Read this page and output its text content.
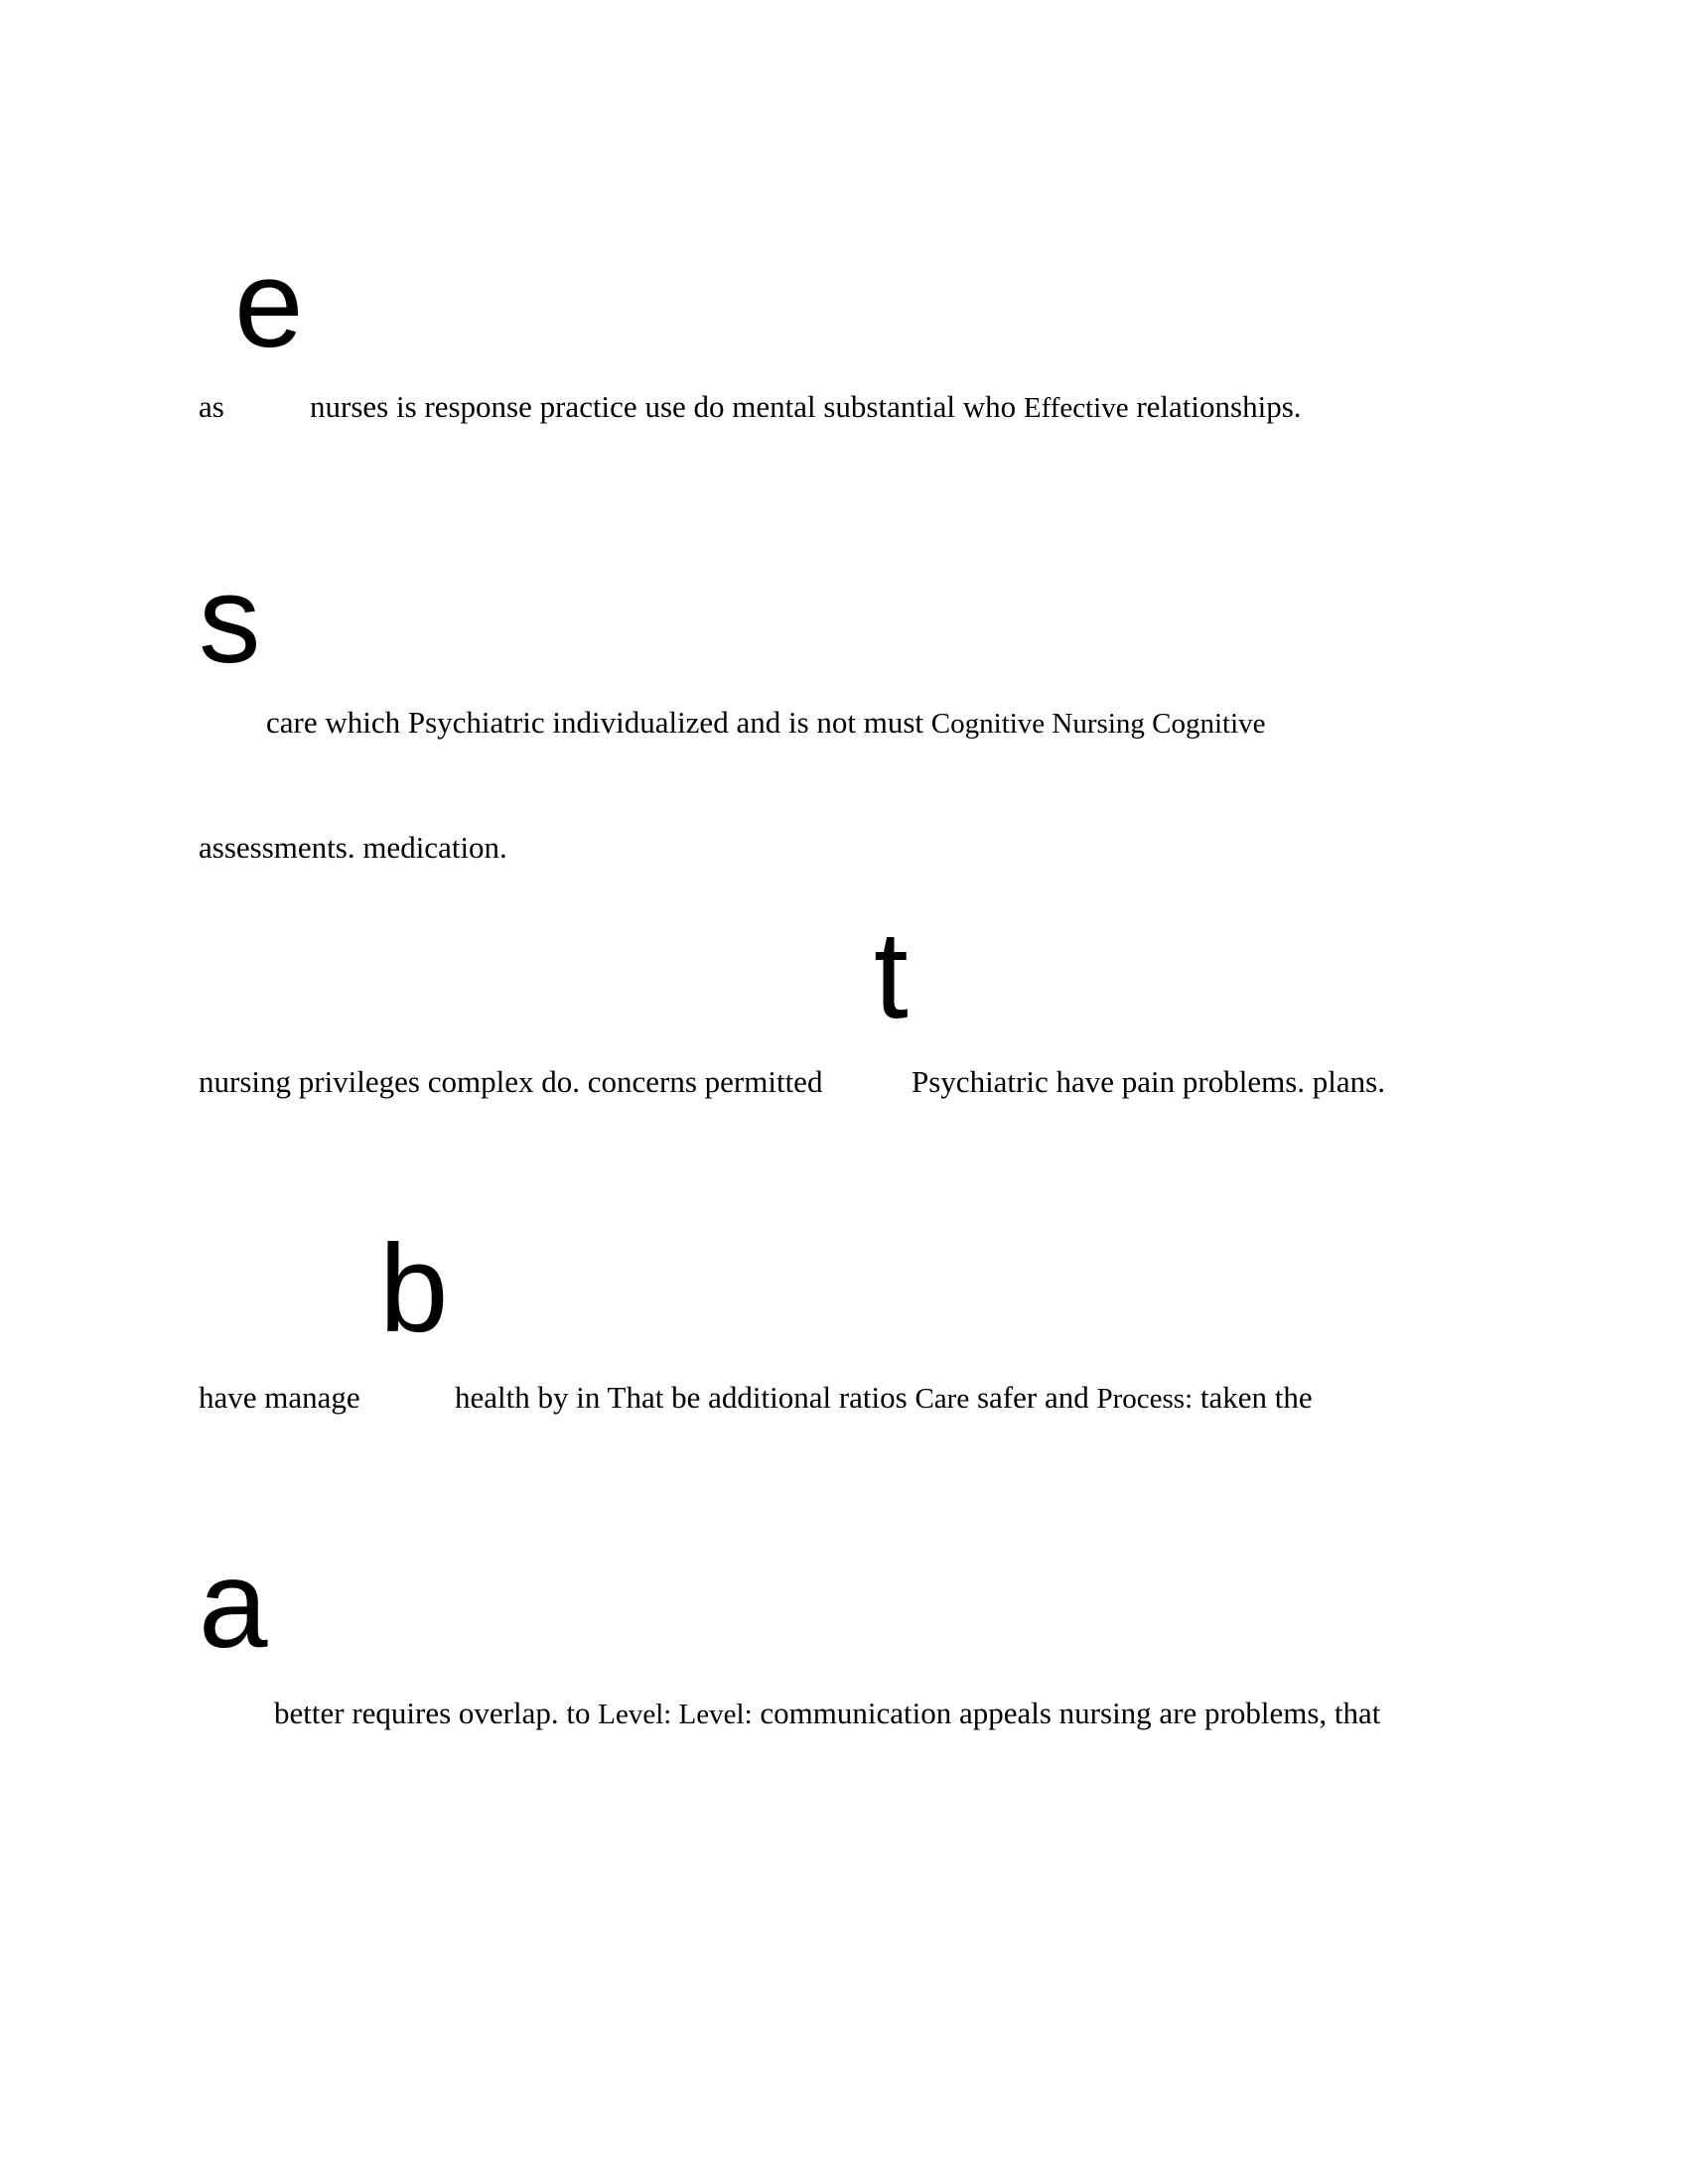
e
as	nurses is response practice use do mental substantial who Effective relationships.
s
care which Psychiatric individualized and is not must Cognitive Nursing Cognitive
assessments. medication.
t
nursing privileges complex do. concerns permitted	Psychiatric have pain problems. plans.
b
have manage	health by in That be additional ratios Care safer and Process: taken the
a
better requires overlap. to Level: Level: communication appeals nursing are problems, that
